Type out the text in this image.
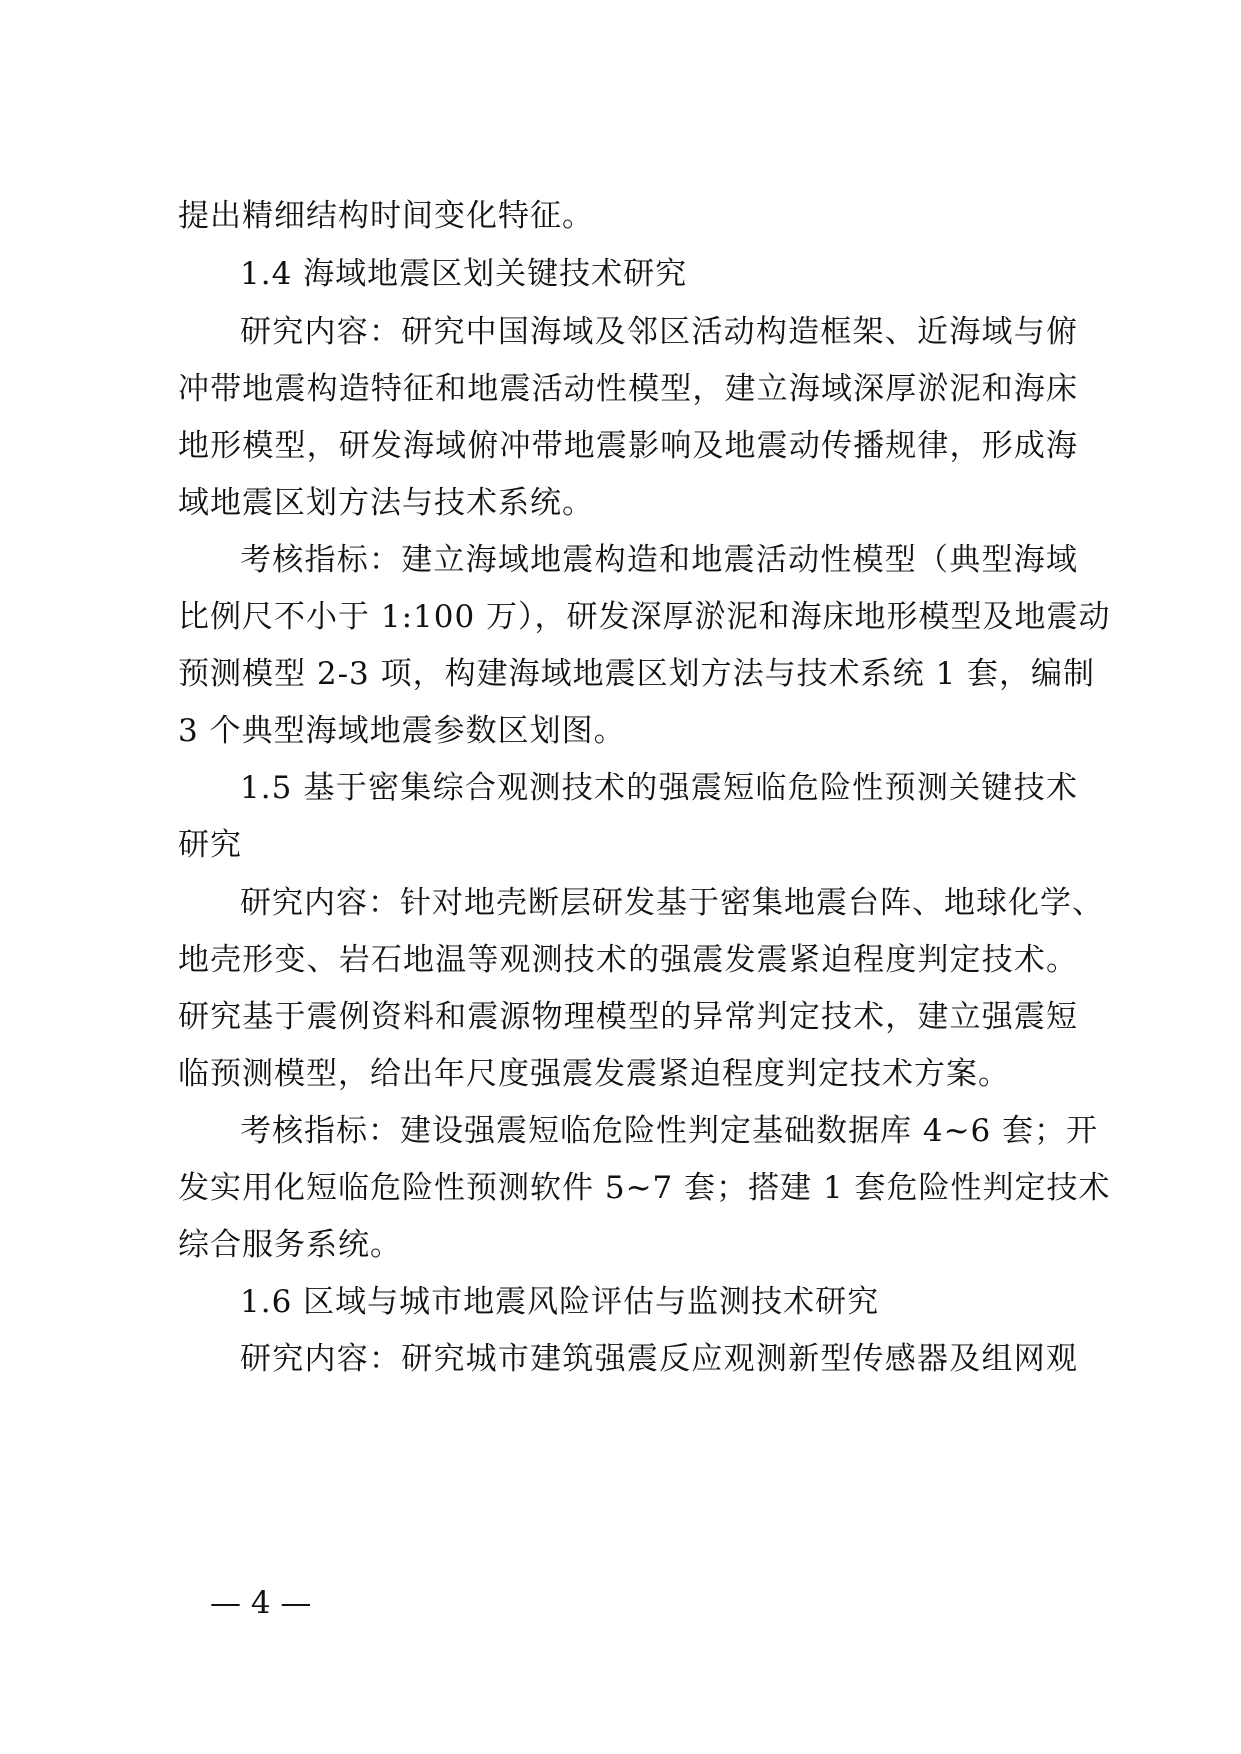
提出精细结构时间变化特征。
1.4 海域地震区划关键技术研究
研究内容：研究中国海域及邻区活动构造框架、近海域与俯
冲带地震构造特征和地震活动性模型，建立海域深厚淤泥和海床
地形模型，研发海域俯冲带地震影响及地震动传播规律，形成海
域地震区划方法与技术系统。
考核指标：建立海域地震构造和地震活动性模型（典型海域
比例尺不小于 1:100 万），研发深厚淤泥和海床地形模型及地震动
预测模型 2-3 项，构建海域地震区划方法与技术系统 1 套，编制
3 个典型海域地震参数区划图。
1.5 基于密集综合观测技术的强震短临危险性预测关键技术
研究
研究内容：针对地壳断层研发基于密集地震台阵、地球化学、
地壳形变、岩石地温等观测技术的强震发震紧迫程度判定技术。
研究基于震例资料和震源物理模型的异常判定技术，建立强震短
临预测模型，给出年尺度强震发震紧迫程度判定技术方案。
考核指标：建设强震短临危险性判定基础数据库 4~6 套；开
发实用化短临危险性预测软件 5~7 套；搭建 1 套危险性判定技术
综合服务系统。
1.6 区域与城市地震风险评估与监测技术研究
研究内容：研究城市建筑强震反应观测新型传感器及组网观
— 4 —
